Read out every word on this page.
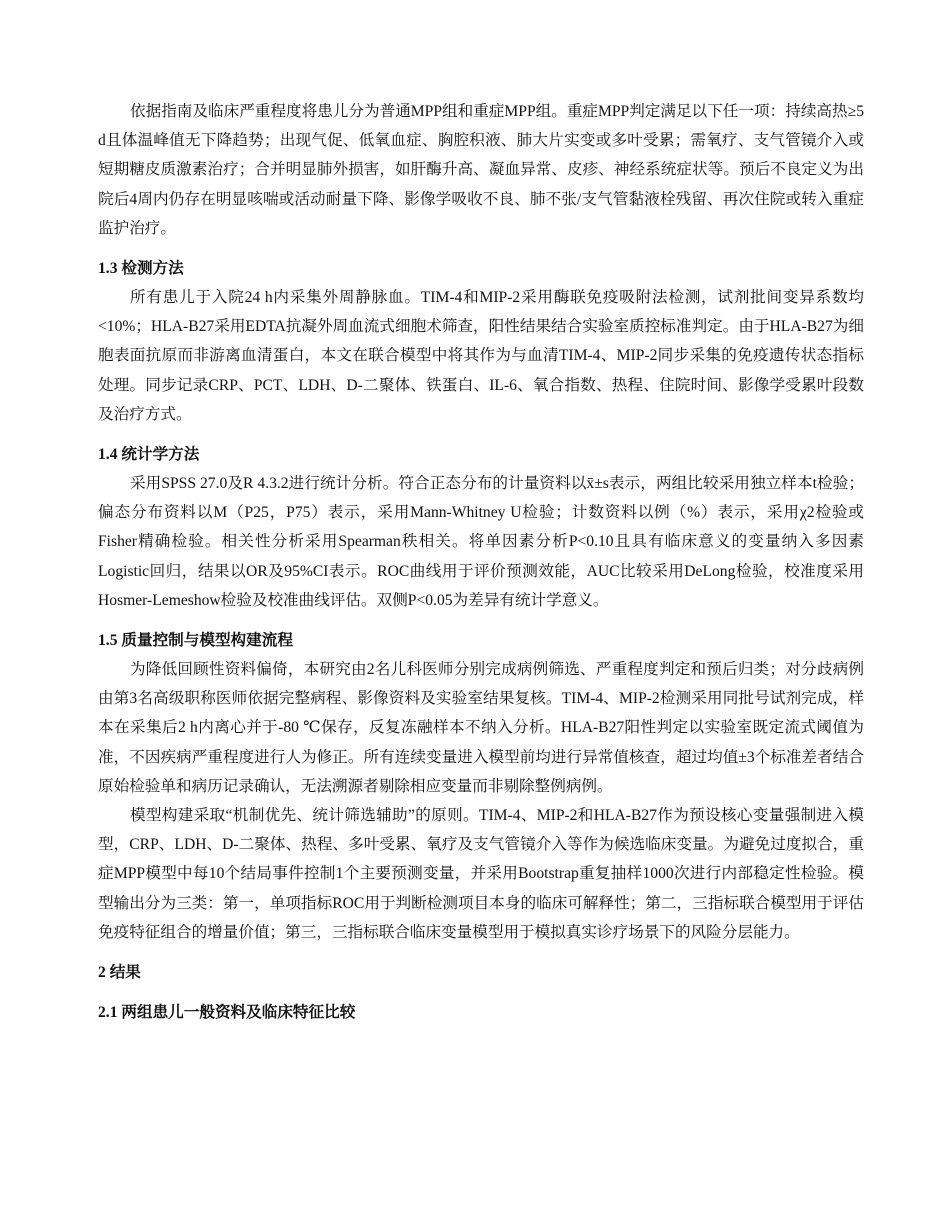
依据指南及临床严重程度将患儿分为普通MPP组和重症MPP组。重症MPP判定满足以下任一项：持续高热≥5 d且体温峰值无下降趋势；出现气促、低氧血症、胸腔积液、肺大片实变或多叶受累；需氧疗、支气管镜介入或短期糖皮质激素治疗；合并明显肺外损害，如肝酶升高、凝血异常、皮疹、神经系统症状等。预后不良定义为出院后4周内仍存在明显咳喘或活动耐量下降、影像学吸收不良、肺不张/支气管黏液栓残留、再次住院或转入重症监护治疗。

1.3 检测方法

所有患儿于入院24 h内采集外周静脉血。TIM-4和MIP-2采用酶联免疫吸附法检测，试剂批间变异系数均<10%；HLA-B27采用EDTA抗凝外周血流式细胞术筛查，阳性结果结合实验室质控标准判定。由于HLA-B27为细胞表面抗原而非游离血清蛋白，本文在联合模型中将其作为与血清TIM-4、MIP-2同步采集的免疫遗传状态指标处理。同步记录CRP、PCT、LDH、D-二聚体、铁蛋白、IL-6、氧合指数、热程、住院时间、影像学受累叶段数及治疗方式。

1.4 统计学方法

采用SPSS 27.0及R 4.3.2进行统计分析。符合正态分布的计量资料以x̄±s表示，两组比较采用独立样本t检验；偏态分布资料以M（P25，P75）表示，采用Mann-Whitney U检验；计数资料以例（%）表示，采用χ2检验或Fisher精确检验。相关性分析采用Spearman秩相关。将单因素分析P<0.10且具有临床意义的变量纳入多因素Logistic回归，结果以OR及95%CI表示。ROC曲线用于评价预测效能，AUC比较采用DeLong检验，校准度采用Hosmer-Lemeshow检验及校准曲线评估。双侧P<0.05为差异有统计学意义。

1.5 质量控制与模型构建流程

为降低回顾性资料偏倚，本研究由2名儿科医师分别完成病例筛选、严重程度判定和预后归类；对分歧病例由第3名高级职称医师依据完整病程、影像资料及实验室结果复核。TIM-4、MIP-2检测采用同批号试剂完成，样本在采集后2 h内离心并于-80 ℃保存，反复冻融样本不纳入分析。HLA-B27阳性判定以实验室既定流式阈值为准，不因疾病严重程度进行人为修正。所有连续变量进入模型前均进行异常值核查，超过均值±3个标准差者结合原始检验单和病历记录确认，无法溯源者剔除相应变量而非剔除整例病例。

模型构建采取“机制优先、统计筛选辅助”的原则。TIM-4、MIP-2和HLA-B27作为预设核心变量强制进入模型，CRP、LDH、D-二聚体、热程、多叶受累、氧疗及支气管镜介入等作为候选临床变量。为避免过度拟合，重症MPP模型中每10个结局事件控制1个主要预测变量，并采用Bootstrap重复抽样1000次进行内部稳定性检验。模型输出分为三类：第一，单项指标ROC用于判断检测项目本身的临床可解释性；第二，三指标联合模型用于评估免疫特征组合的增量价值；第三，三指标联合临床变量模型用于模拟真实诊疗场景下的风险分层能力。

2 结果

2.1 两组患儿一般资料及临床特征比较
